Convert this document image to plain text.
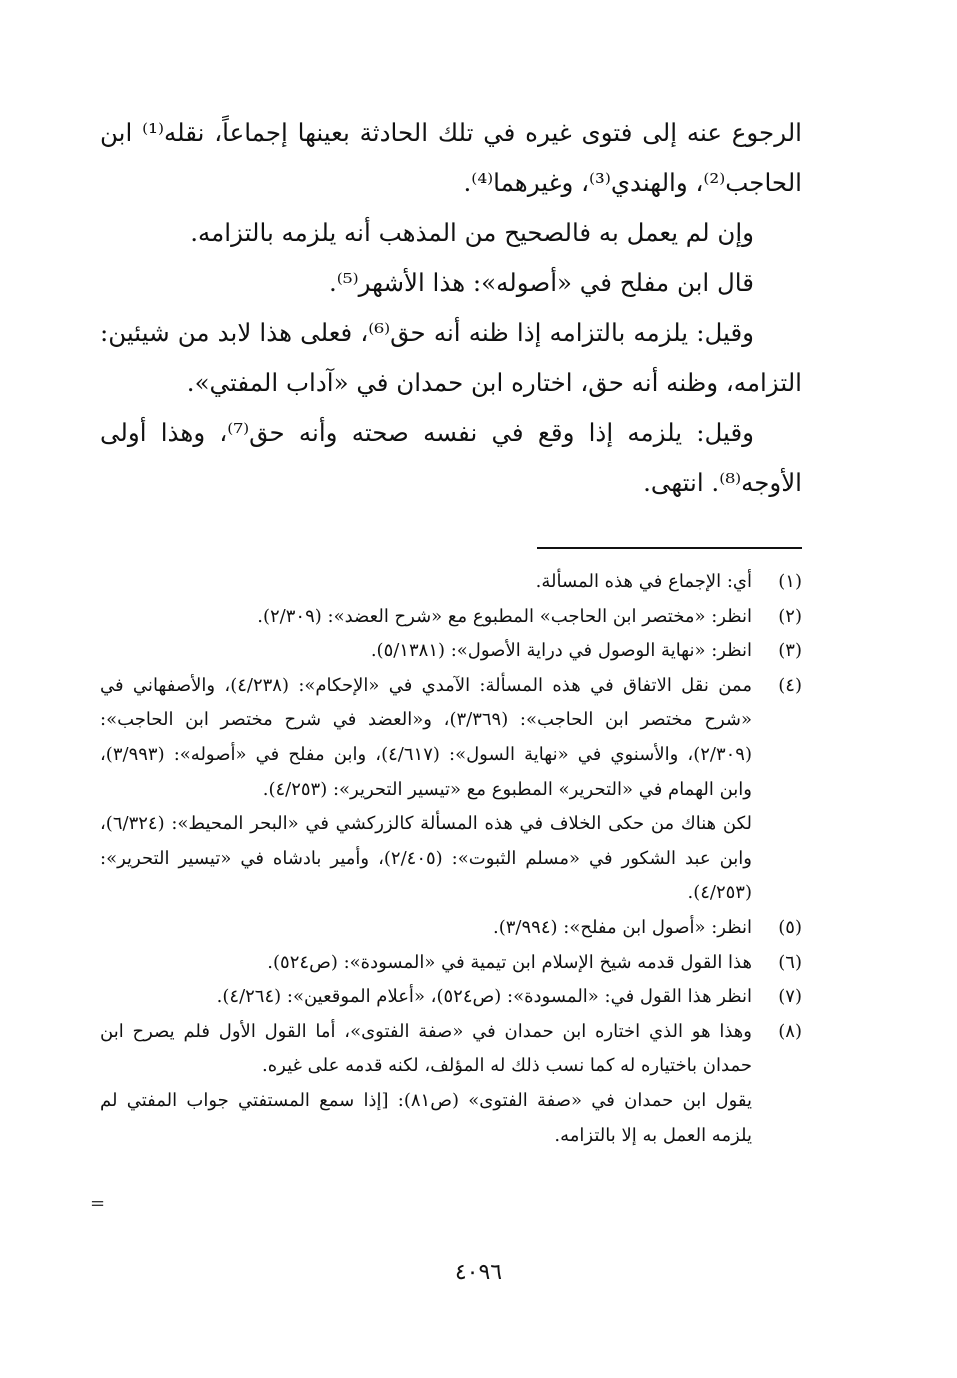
الرجوع عنه إلى فتوى غيره في تلك الحادثة بعينها إجماعاً، نقله⁽¹⁾ ابن الحاجب⁽²⁾، والهندي⁽³⁾، وغيرهما⁽⁴⁾.

وإن لم يعمل به فالصحيح من المذهب أنه يلزمه بالتزامه.

قال ابن مفلح في «أصوله»: هذا الأشهر⁽⁵⁾.

وقيل: يلزمه بالتزامه إذا ظنه أنه حق⁽⁶⁾، فعلى هذا لابد من شيئين: التزامه، وظنه أنه حق، اختاره ابن حمدان في «آداب المفتي».

وقيل: يلزمه إذا وقع في نفسه صحته وأنه حق⁽⁷⁾، وهذا أولى الأوجه⁽⁸⁾. انتهى.

(١)

أي: الإجماع في هذه المسألة.

(٢)

انظر: «مختصر ابن الحاجب» المطبوع مع «شرح العضد»: (٢/٣٠٩).

(٣)

انظر: «نهاية الوصول في دراية الأصول»: (٥/١٣٨١).

(٤)

ممن نقل الاتفاق في هذه المسألة: الآمدي في «الإحكام»: (٤/٢٣٨)، والأصفهاني في «شرح مختصر ابن الحاجب»: (٣/٣٦٩)، و«العضد في شرح مختصر ابن الحاجب»: (٢/٣٠٩)، والأسنوي في «نهاية السول»: (٤/٦١٧)، وابن مفلح في «أصوله»: (٣/٩٩٣)، وابن الهمام في «التحرير» المطبوع مع «تيسير التحرير»: (٤/٢٥٣).

لكن هناك من حكى الخلاف في هذه المسألة كالزركشي في «البحر المحيط»: (٦/٣٢٤)، وابن عبد الشكور في «مسلم الثبوت»: (٢/٤٠٥)، وأمير بادشاه في «تيسير التحرير»: (٤/٢٥٣).

(٥)

انظر: «أصول ابن مفلح»: (٣/٩٩٤).

(٦)

هذا القول قدمه شيخ الإسلام ابن تيمية في «المسودة»: (ص٥٢٤).

(٧)

انظر هذا القول في: «المسودة»: (ص٥٢٤)، «أعلام الموقعين»: (٤/٢٦٤).

(٨)

وهذا هو الذي اختاره ابن حمدان في «صفة الفتوى»، أما القول الأول فلم يصرح ابن حمدان باختياره له كما نسب ذلك له المؤلف، لكنه قدمه على غيره.

يقول ابن حمدان في «صفة الفتوى» (ص٨١): [إذا سمع المستفتي جواب المفتي لم يلزمه العمل به إلا بالتزامه.

=
٤٠٩٦
